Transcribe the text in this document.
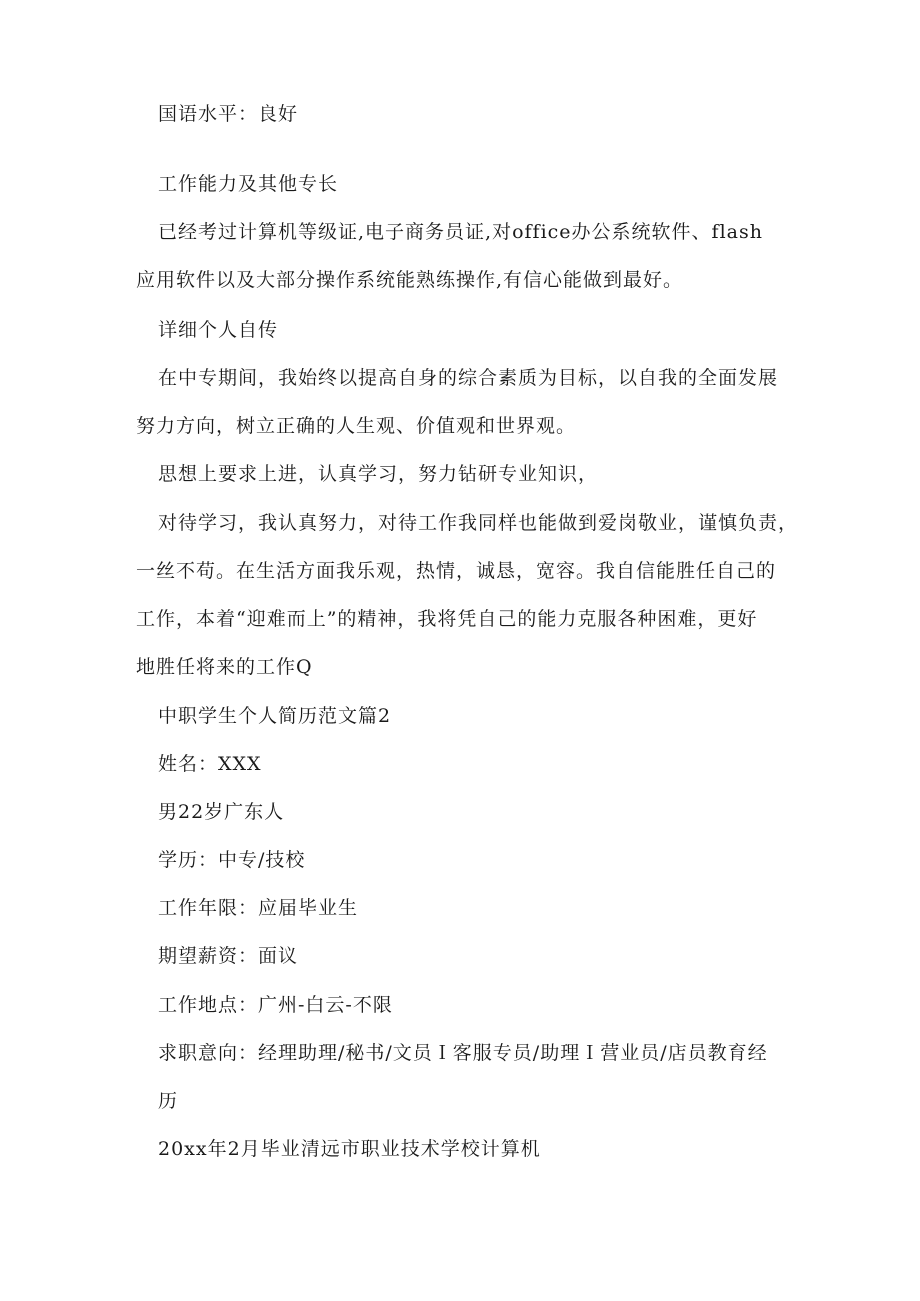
国语水平：良好
工作能力及其他专长
已经考过计算机等级证,电子商务员证,对office办公系统软件、flash
应用软件以及大部分操作系统能熟练操作,有信心能做到最好。
详细个人自传
在中专期间，我始终以提高自身的综合素质为目标，以自我的全面发展
努力方向，树立正确的人生观、价值观和世界观。
思想上要求上进，认真学习，努力钻研专业知识，
对待学习，我认真努力，对待工作我同样也能做到爱岗敬业，谨慎负责，
一丝不苟。在生活方面我乐观，热情，诚恳，宽容。我自信能胜任自己的
工作，本着“迎难而上”的精神，我将凭自己的能力克服各种困难，更好
地胜任将来的工作Q
中职学生个人简历范文篇2
姓名：XXX
男22岁广东人
学历：中专/技校
工作年限：应届毕业生
期望薪资：面议
工作地点：广州-白云-不限
求职意向：经理助理/秘书/文员Ｉ客服专员/助理Ｉ营业员/店员教育经
历
20xx年2月毕业清远市职业技术学校计算机
